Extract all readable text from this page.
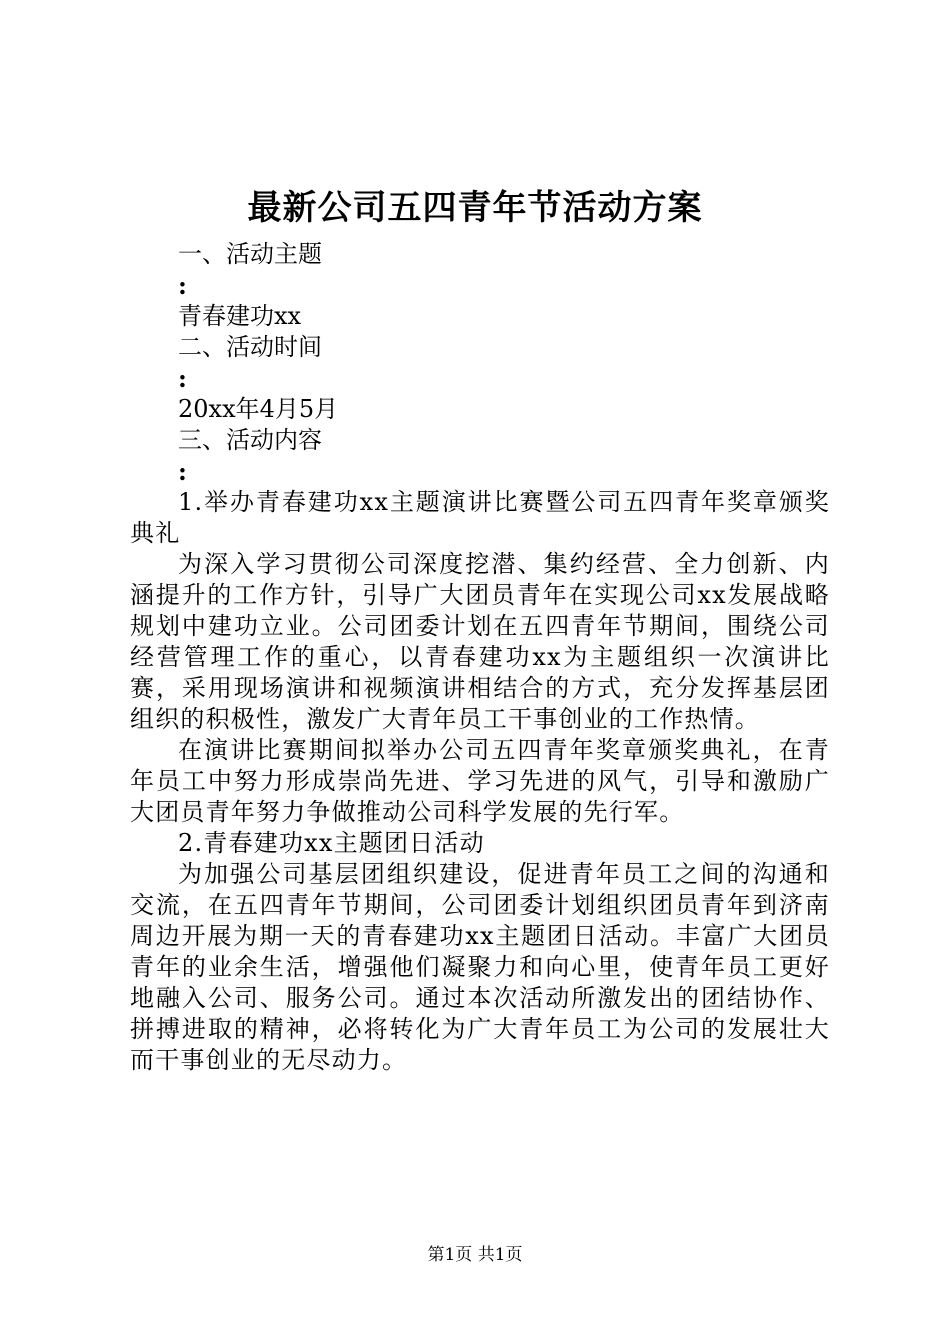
最新公司五四青年节活动方案
一、活动主题
:
青春建功xx
二、活动时间
:
20xx年4月5月
三、活动内容
:
1.举办青春建功xx主题演讲比赛暨公司五四青年奖章颁奖典礼
为深入学习贯彻公司深度挖潜、集约经营、全力创新、内涵提升的工作方针，引导广大团员青年在实现公司xx发展战略规划中建功立业。公司团委计划在五四青年节期间，围绕公司经营管理工作的重心，以青春建功xx为主题组织一次演讲比赛，采用现场演讲和视频演讲相结合的方式，充分发挥基层团组织的积极性，激发广大青年员工干事创业的工作热情。
在演讲比赛期间拟举办公司五四青年奖章颁奖典礼，在青年员工中努力形成崇尚先进、学习先进的风气，引导和激励广大团员青年努力争做推动公司科学发展的先行军。
2.青春建功xx主题团日活动
为加强公司基层团组织建设，促进青年员工之间的沟通和交流，在五四青年节期间，公司团委计划组织团员青年到济南周边开展为期一天的青春建功xx主题团日活动。丰富广大团员青年的业余生活，增强他们凝聚力和向心里，使青年员工更好地融入公司、服务公司。通过本次活动所激发出的团结协作、拼搏进取的精神，必将转化为广大青年员工为公司的发展壮大而干事创业的无尽动力。
第1页 共1页
